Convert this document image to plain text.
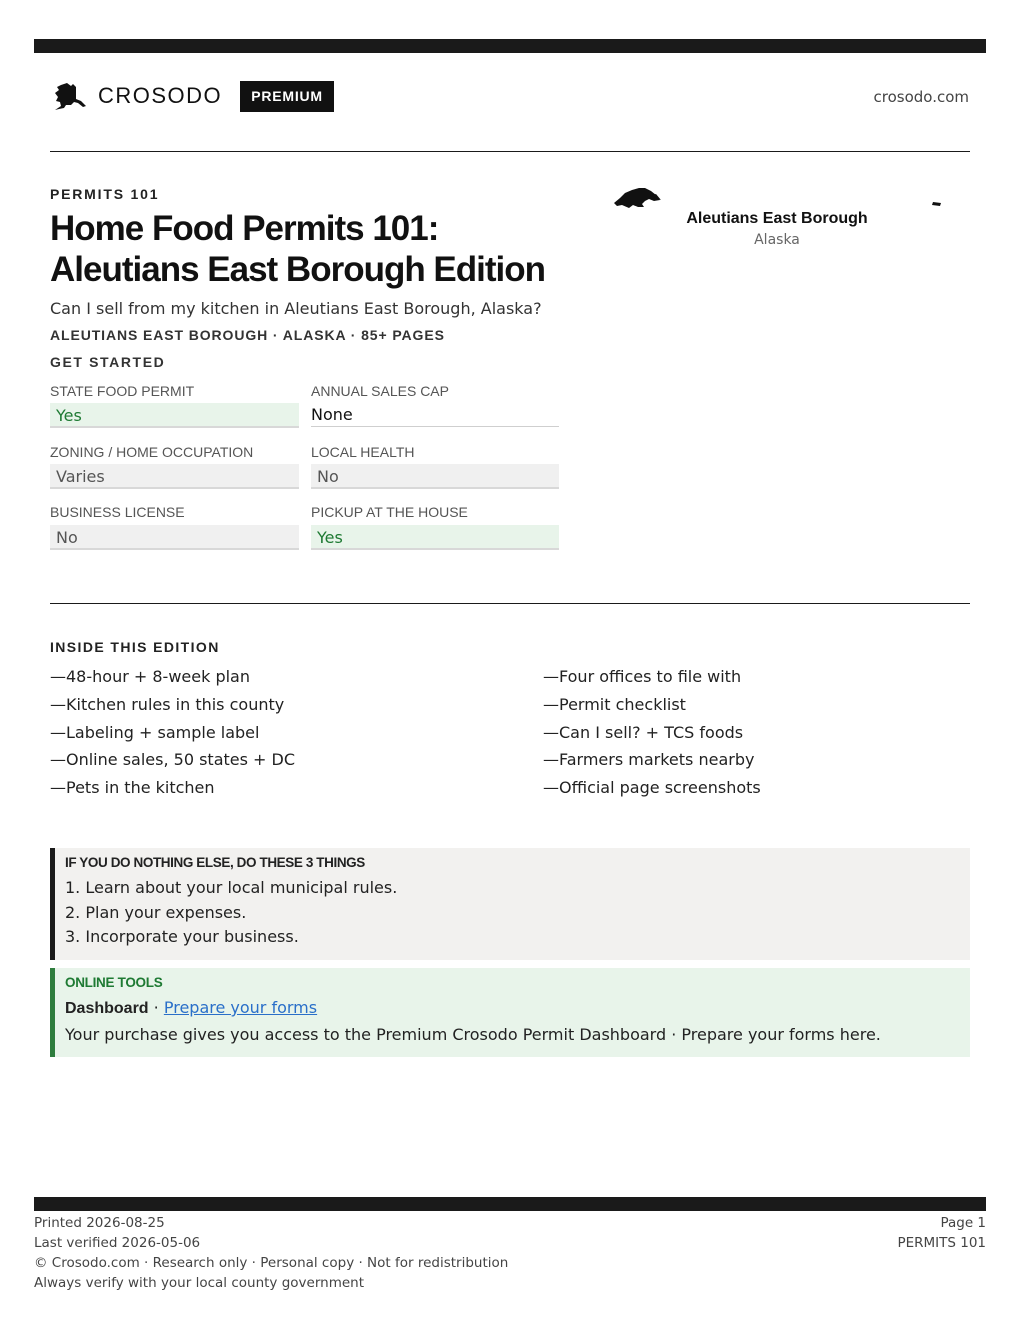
CROSODO	PREMIUM	crosodo.com
PERMITS 101
Home Food Permits 101:
Aleutians East Borough Edition
Can I sell from my kitchen in Aleutians East Borough, Alaska?
ALEUTIANS EAST BOROUGH · ALASKA · 85+ PAGES
Aleutians East Borough
Alaska
GET STARTED
STATE FOOD PERMIT
Yes
ANNUAL SALES CAP
None
ZONING / HOME OCCUPATION
Varies
LOCAL HEALTH
No
BUSINESS LICENSE
No
PICKUP AT THE HOUSE
Yes
INSIDE THIS EDITION
—48-hour + 8-week plan
—Kitchen rules in this county
—Labeling + sample label
—Online sales, 50 states + DC
—Pets in the kitchen
—Four offices to file with
—Permit checklist
—Can I sell? + TCS foods
—Farmers markets nearby
—Official page screenshots
IF YOU DO NOTHING ELSE, DO THESE 3 THINGS
1. Learn about your local municipal rules.
2. Plan your expenses.
3. Incorporate your business.
ONLINE TOOLS
Dashboard · Prepare your forms
Your purchase gives you access to the Premium Crosodo Permit Dashboard · Prepare your forms here.
Printed 2026-08-25
Last verified 2026-05-06
© Crosodo.com · Research only · Personal copy · Not for redistribution
Always verify with your local county government
Page 1
PERMITS 101
